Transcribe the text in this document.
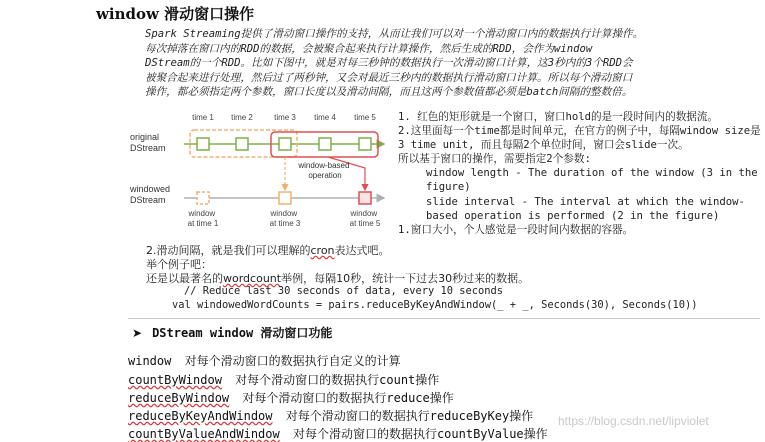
window 滑动窗口操作
Spark Streaming提供了滑动窗口操作的支持，从而让我们可以对一个滑动窗口内的数据执行计算操作。
每次掉落在窗口内的RDD的数据，会被聚合起来执行计算操作，然后生成的RDD，会作为window
DStream的一个RDD。比如下图中，就是对每三秒钟的数据执行一次滑动窗口计算，这3秒内的3个RDD会
被聚合起来进行处理，然后过了两秒钟，又会对最近三秒内的数据执行滑动窗口计算。所以每个滑动窗口
操作，都必须指定两个参数，窗口长度以及滑动间隔，而且这两个参数值都必须是batch间隔的整数倍。
time 1 time 2	time 3 time 4 time 5
original DStream
windowed DStream
window-based operation
window at time 1
window at time 3
window at time 5
1. 红色的矩形就是一个窗口，窗口hold的是一段时间内的数据流。
2.这里面每一个time都是时间单元，在官方的例子中，每隔window size是3 time unit, 而且每隔2个单位时间，窗口会slide一次。
所以基于窗口的操作，需要指定2个参数:
window length - The duration of the window (3 in the figure)
slide interval - The interval at which the window-based operation is performed (2 in the figure)
1.窗口大小，个人感觉是一段时间内数据的容器。
2.滑动间隔，就是我们可以理解的cron表达式吧。
举个例子吧：
还是以最著名的wordcount举例，每隔10秒，统计一下过去30秒过来的数据。
// Reduce last 30 seconds of data, every 10 seconds
val windowedWordCounts = pairs.reduceByKeyAndWindow(_ + _, Seconds(30), Seconds(10))
➤ DStream window 滑动窗口功能
window 对每个滑动窗口的数据执行自定义的计算
countByWindow 对每个滑动窗口的数据执行count操作
reduceByWindow 对每个滑动窗口的数据执行reduce操作
reduceByKeyAndWindow 对每个滑动窗口的数据执行reduceByKey操作
countByValueAndWindow 对每个滑动窗口的数据执行countByValue操作
https://blog.csdn.net/lipviolet
